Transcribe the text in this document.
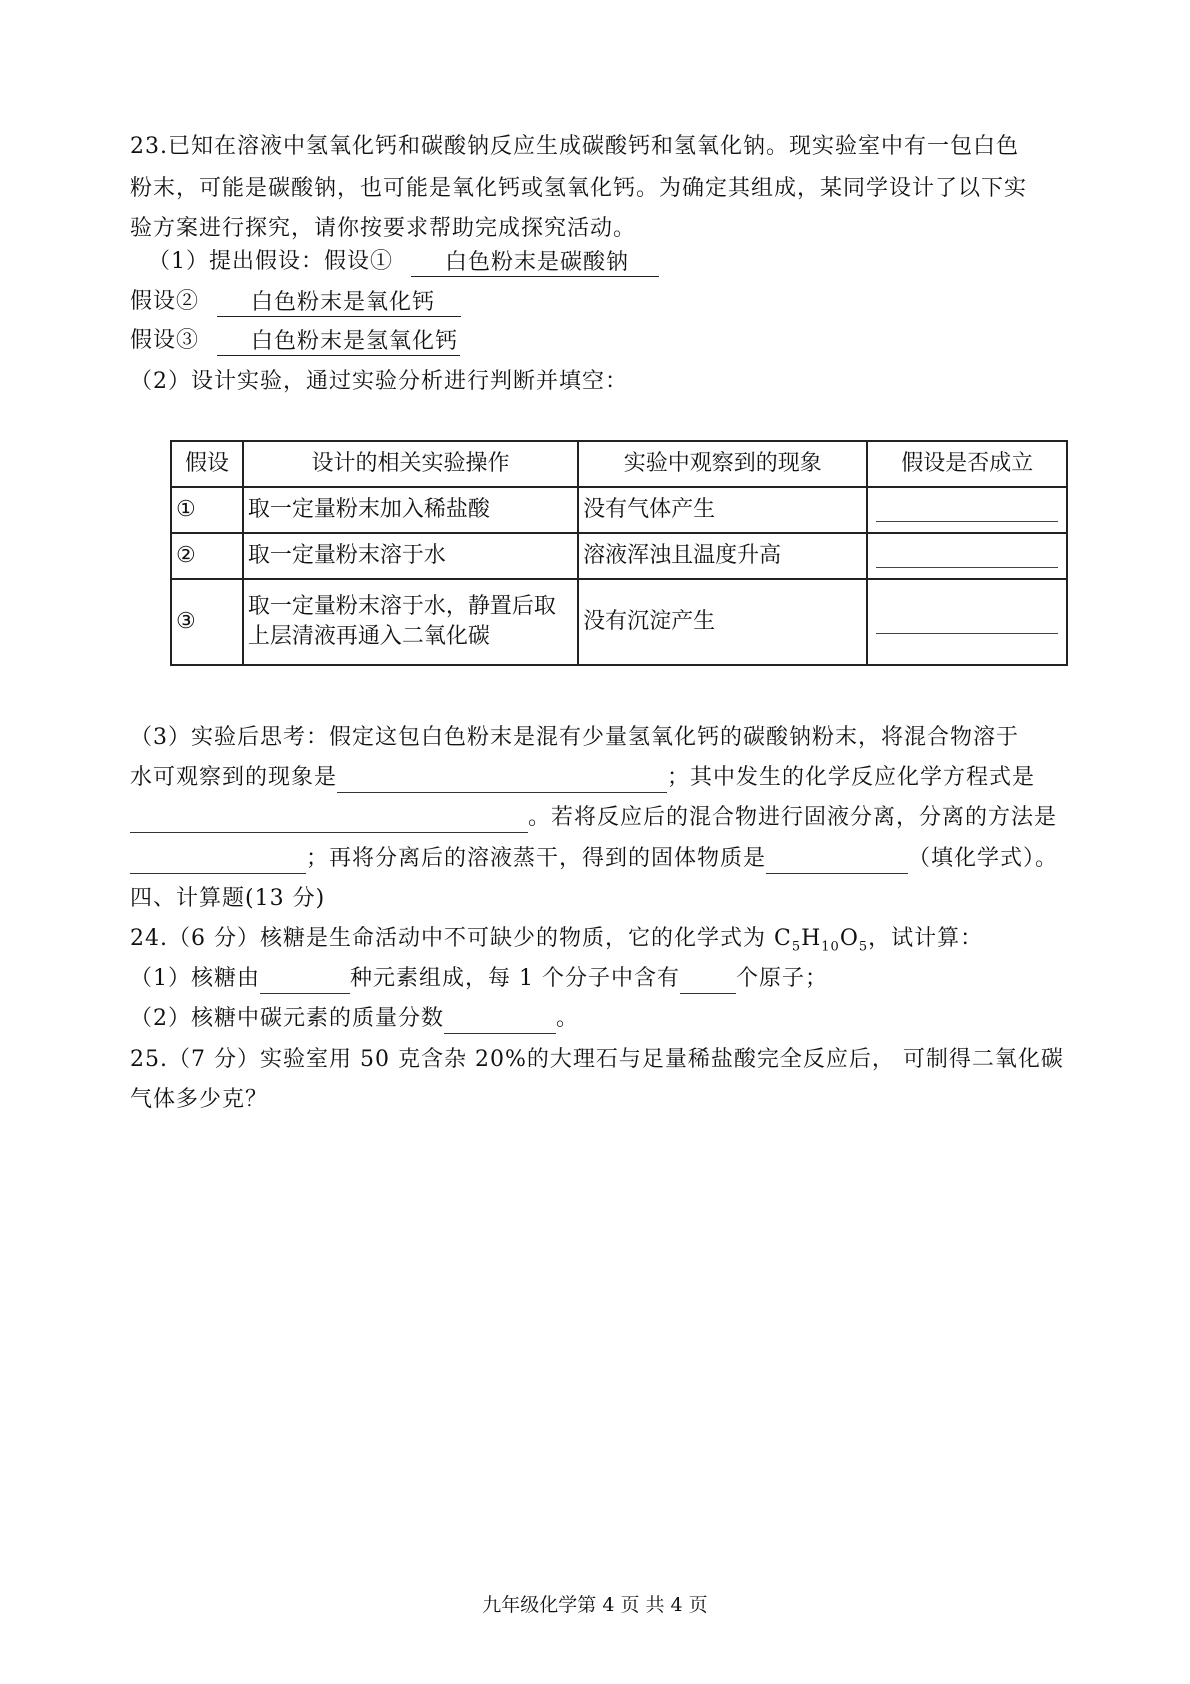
23.已知在溶液中氢氧化钙和碳酸钠反应生成碳酸钙和氢氧化钠。现实验室中有一包白色
粉末，可能是碳酸钠，也可能是氧化钙或氢氧化钙。为确定其组成，某同学设计了以下实
验方案进行探究，请你按要求帮助完成探究活动。
（1）提出假设：假设① 白色粉末是碳酸钠
假设② 白色粉末是氧化钙
假设③ 白色粉末是氢氧化钙
（2）设计实验，通过实验分析进行判断并填空：
假设	设计的相关实验操作	实验中观察到的现象	假设是否成立
①	取一定量粉末加入稀盐酸	没有气体产生	

②	取一定量粉末溶于水	溶液浑浊且温度升高	

③	取一定量粉末溶于水，静置后取
上层清液再通入二氧化碳	没有沉淀产生	
（3）实验后思考：假定这包白色粉末是混有少量氢氧化钙的碳酸钠粉末，将混合物溶于
水可观察到的现象是	；其中发生的化学反应化学方程式是
。若将反应后的混合物进行固液分离，分离的方法是
；再将分离后的溶液蒸干，得到的固体物质是	（填化学式）。
四、计算题(13 分)
24.（6 分）核糖是生命活动中不可缺少的物质，它的化学式为 $C_5H_{10}O_5$，试计算：
（1）核糖由	种元素组成，每 1 个分子中含有	个原子；
（2）核糖中碳元素的质量分数	。
25.（7 分）实验室用 50 克含杂 20%的大理石与足量稀盐酸完全反应后， 可制得二氧化碳
气体多少克？
九年级化学第 4 页 共 4 页
